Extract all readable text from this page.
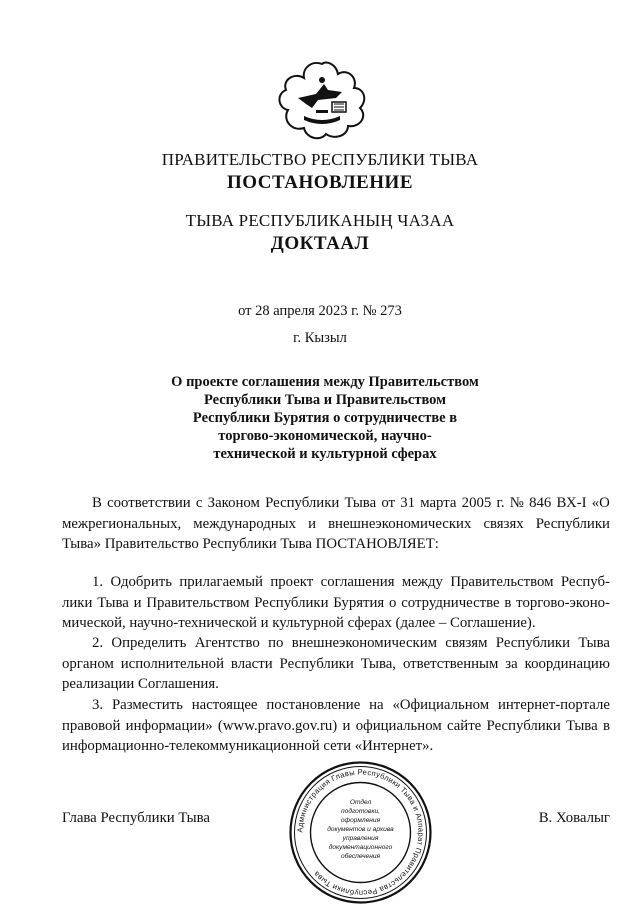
ПРАВИТЕЛЬСТВО РЕСПУБЛИКИ ТЫВА
ПОСТАНОВЛЕНИЕ
ТЫВА РЕСПУБЛИКАНЫҢ ЧАЗАА
ДОКТААЛ
от 28 апреля 2023 г. № 273
г. Кызыл
О проекте соглашения между Правительством
Республики Тыва и Правительством
Республики Бурятия о сотрудничестве в
торгово-экономической, научно-
технической и культурной сферах
В соответствии с Законом Республики Тыва от 31 марта 2005 г. № 846 ВХ-I «О
межрегиональных, международных и внешнеэкономических связях Республики
Тыва» Правительство Республики Тыва ПОСТАНОВЛЯЕТ:
1. Одобрить прилагаемый проект соглашения между Правительством Респуб-
лики Тыва и Правительством Республики Бурятия о сотрудничестве в торгово-эконо-
мической, научно-технической и культурной сферах (далее – Соглашение).
2. Определить Агентство по внешнеэкономическим связям Республики Тыва
органом исполнительной власти Республики Тыва, ответственным за координацию
реализации Соглашения.
3. Разместить настоящее постановление на «Официальном интернет-портале
правовой информации» (www.pravo.gov.ru) и официальном сайте Республики Тыва в
информационно-телекоммуникационной сети «Интернет».
Глава Республики Тыва	В. Ховалыг
Администрация Главы Республики Тыва и Аппарат Правительства Республики Тыва
Отдел
подготовки,
оформления
документов и архива
управления
документационного
обеспечения
